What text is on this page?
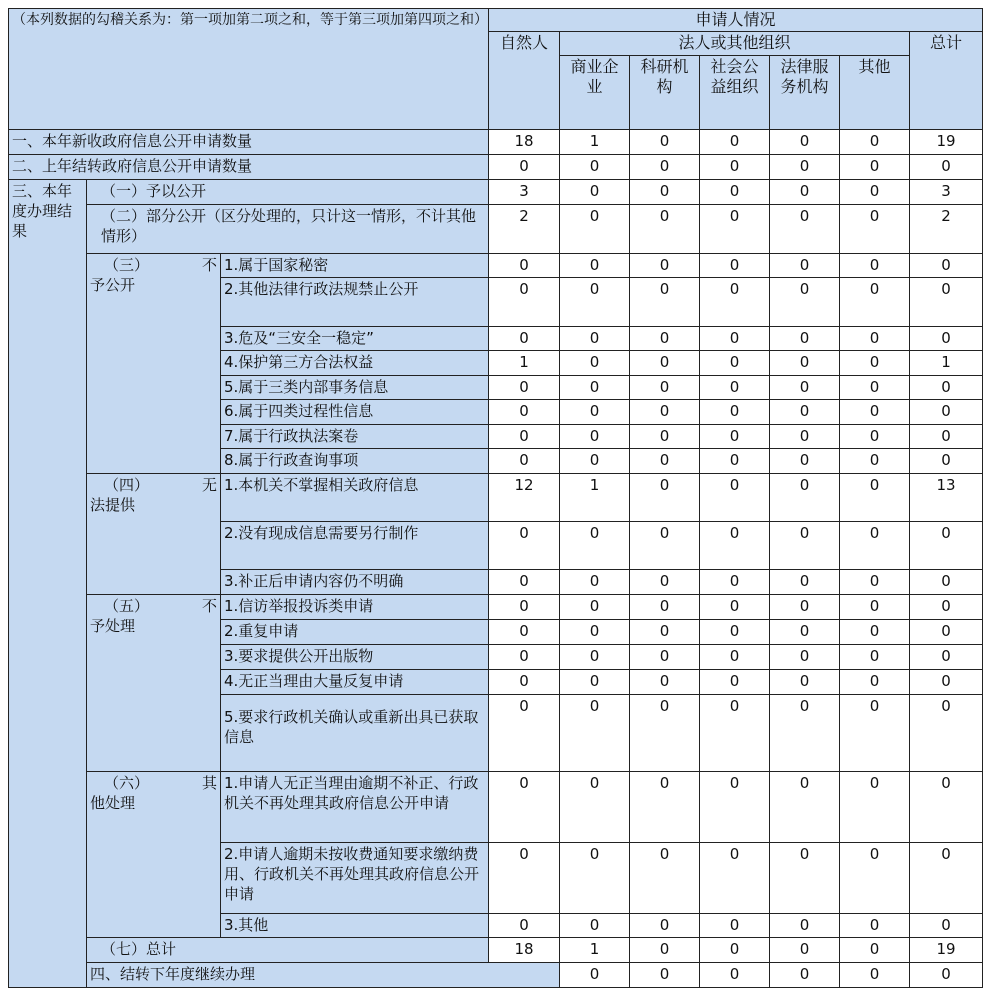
（本列数据的勾稽关系为：第一项加第二项之和，等于第三项加第四项之和）			申请人情况							
			自然人	法人或其他组织					总计	
				商业企业	科研机构	社会公益组织	法律服务机构	其他		
一、本年新收政府信息公开申请数量			18	1	0	0	0	0	19	
二、上年结转政府信息公开申请数量			0	0	0	0	0	0	0	
三、本年度办理结果	（一）予以公开		3	0	0	0	0	0	3	
	（二）部分公开（区分处理的，只计这一情形，不计其他情形）		2	0	0	0	0	0	2	

	（三） 不
予公开	1.属于国家秘密	0	0	0	0	0	0	0	
		2.其他法律行政法规禁止公开	0	0	0	0	0	0	0	
		3.危及“三安全一稳定”	0	0	0	0	0	0	0	
		4.保护第三方合法权益	1	0	0	0	0	0	1	
		5.属于三类内部事务信息	0	0	0	0	0	0	0	
		6.属于四类过程性信息	0	0	0	0	0	0	0	
		7.属于行政执法案卷	0	0	0	0	0	0	0	
		8.属于行政查询事项	0	0	0	0	0	0	0	

	（四） 无
法提供	1.本机关不掌握相关政府信息	12	1	0	0	0	0	13	
		2.没有现成信息需要另行制作	0	0	0	0	0	0	0	
		3.补正后申请内容仍不明确	0	0	0	0	0	0	0	

	（五） 不
予处理	1.信访举报投诉类申请	0	0	0	0	0	0	0	
		2.重复申请	0	0	0	0	0	0	0	
		3.要求提供公开出版物	0	0	0	0	0	0	0	
		4.无正当理由大量反复申请	0	0	0	0	0	0	0	
		5.要求行政机关确认或重新出具已获取信息	0	0	0	0	0	0	0	

	（六） 其
他处理	1.申请人无正当理由逾期不补正、行政机关不再处理其政府信息公开申请	0	0	0	0	0	0	0	
		2.申请人逾期未按收费通知要求缴纳费用、行政机关不再处理其政府信息公开申请	0	0	0	0	0	0	0	
		3.其他	0	0	0	0	0	0	0	
	（七）总计		18	1	0	0	0	0	19	
	四、结转下年度继续办理			0	0	0	0	0	0	
